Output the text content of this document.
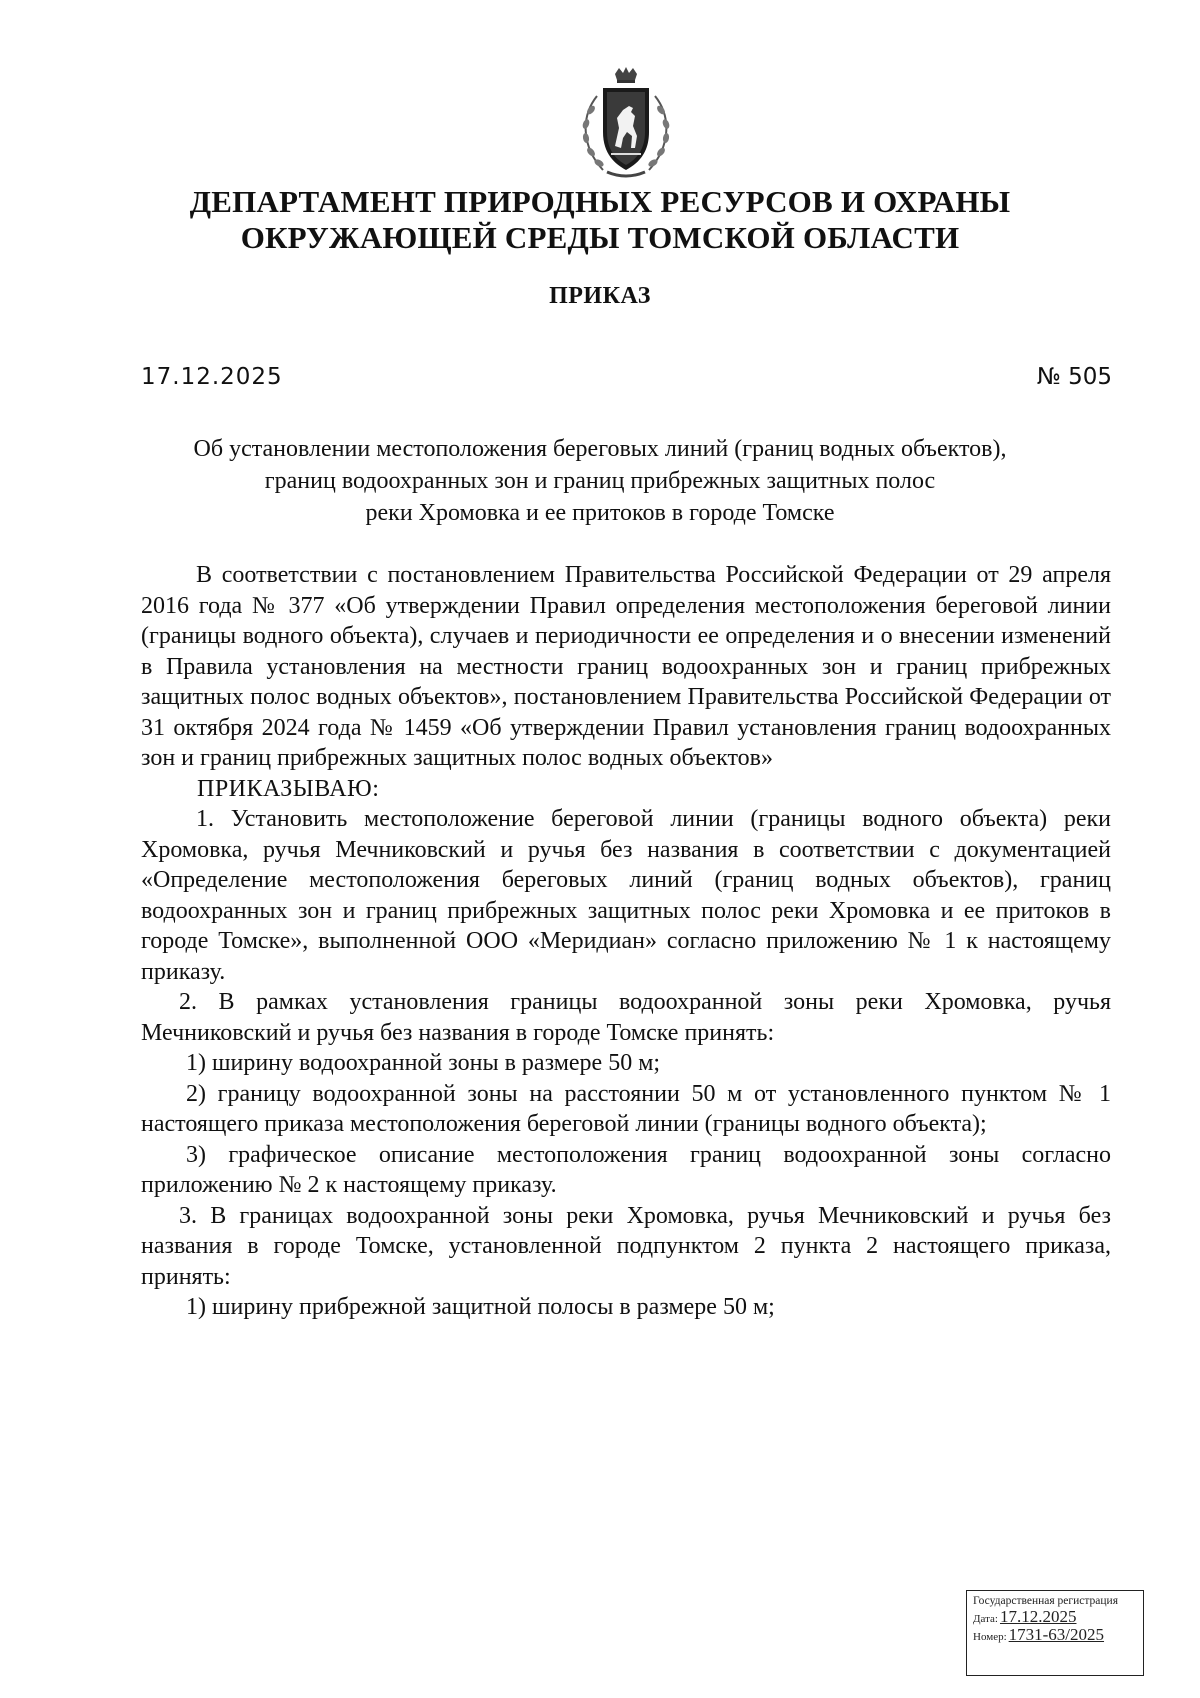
ДЕПАРТАМЕНТ ПРИРОДНЫХ РЕСУРСОВ И ОХРАНЫ
ОКРУЖАЮЩЕЙ СРЕДЫ ТОМСКОЙ ОБЛАСТИ
ПРИКАЗ
17.12.2025	№ 505
Об установлении местоположения береговых линий (границ водных объектов),
границ водоохранных зон и границ прибрежных защитных полос
реки Хромовка и ее притоков в городе Томске

В соответствии с постановлением Правительства Российской Федерации от 29 апреля 2016 года № 377 «Об утверждении Правил определения местоположения береговой линии (границы водного объекта), случаев и периодичности ее определения и о внесении изменений в Правила установления на местности границ водоохранных зон и границ прибрежных защитных полос водных объектов», постановлением Правительства Российской Федерации от 31 октября 2024 года № 1459 «Об утверждении Правил установления границ водоохранных зон и границ прибрежных защитных полос водных объектов»

ПРИКАЗЫВАЮ:

1. Установить местоположение береговой линии (границы водного объекта) реки Хромовка, ручья Мечниковский и ручья без названия в соответствии с документацией «Определение местоположения береговых линий (границ водных объектов), границ водоохранных зон и границ прибрежных защитных полос реки Хромовка и ее притоков в городе Томске», выполненной ООО «Меридиан» согласно приложению № 1 к настоящему приказу.

2. В рамках установления границы водоохранной зоны реки Хромовка, ручья Мечниковский и ручья без названия в городе Томске принять:

1) ширину водоохранной зоны в размере 50 м;

2) границу водоохранной зоны на расстоянии 50 м от установленного пунктом № 1 настоящего приказа местоположения береговой линии (границы водного объекта);

3) графическое описание местоположения границ водоохранной зоны согласно приложению № 2 к настоящему приказу.

3. В границах водоохранной зоны реки Хромовка, ручья Мечниковский и ручья без названия в городе Томске, установленной подпунктом 2 пункта 2 настоящего приказа, принять:

1) ширину прибрежной защитной полосы в размере 50 м;

Государственная регистрация
Дата: 17.12.2025
Номер: 1731-63/2025
